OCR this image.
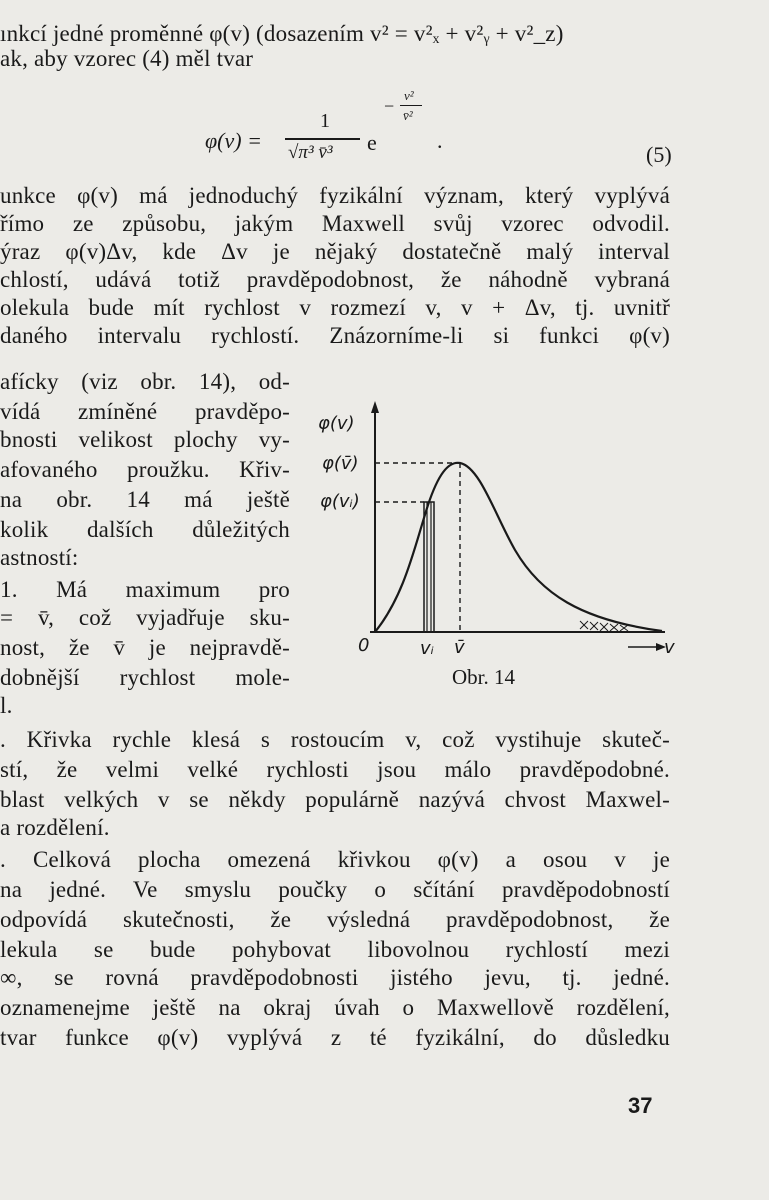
ınkcí jedné proměnné φ(v) (dosazením v² = v²ₓ + v²ᵧ + v²_z)
ak, aby vzorec (4) měl tvar
φ(v) =
1
√π³ v̄³ e
−
v²
v̄²
.
(5)
unkce φ(v) má jednoduchý fyzikální význam, který vyplývá
římo ze způsobu, jakým Maxwell svůj vzorec odvodil.
ýraz φ(v)Δv, kde Δv je nějaký dostatečně malý interval
chlostí, udává totiž pravděpodobnost, že náhodně vybraná
olekula bude mít rychlost v rozmezí v, v + Δv, tj. uvnitř
daného intervalu rychlostí. Znázorníme-li si funkci φ(v)
afícky (viz obr. 14), od-
vídá zmíněné pravděpo-
bnosti velikost plochy vy-
afovaného proužku. Křiv-
na obr. 14 má ještě
kolik dalších důležitých
astností:
1. Má maximum pro
= v̄, což vyjadřuje sku-
nost, že v̄ je nejpravdě-
dobnější rychlost mole-
l.
φ(v)
φ(v̄)
φ(vᵢ)
0	vᵢ v̄	v
Obr. 14
. Křivka rychle klesá s rostoucím v, což vystihuje skuteč-
stí, že velmi velké rychlosti jsou málo pravděpodobné.
blast velkých v se někdy populárně nazývá chvost Maxwel-
a rozdělení.
. Celková plocha omezená křivkou φ(v) a osou v je
na jedné. Ve smyslu poučky o sčítání pravděpodobností
odpovídá skutečnosti, že výsledná pravděpodobnost, že
lekula se bude pohybovat libovolnou rychlostí mezi
∞, se rovná pravděpodobnosti jistého jevu, tj. jedné.
oznamenejme ještě na okraj úvah o Maxwellově rozdělení,
tvar funkce φ(v) vyplývá z té fyzikální, do důsledku
37
